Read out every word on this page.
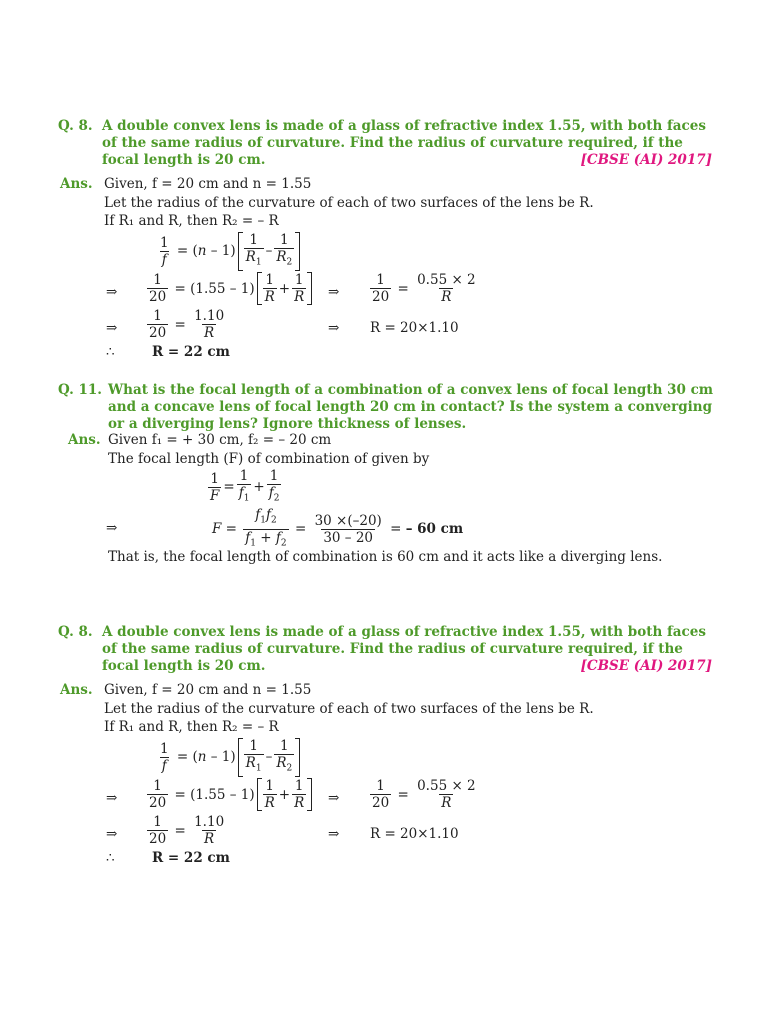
Q. 8. A double convex lens is made of a glass of refractive index 1.55, with both faces of the same radius of curvature. Find the radius of curvature required, if the focal length is 20 cm.	[CBSE (AI) 2017]
Ans. Given, f = 20 cm and n = 1.55
Let the radius of the curvature of each of two surfaces of the lens be R.
If R₁ and R, then R₂ = – R
$\frac{1}{f} = (n - 1) \frac{1}{R_1} - \frac{1}{R_2}$
⇒ $\frac{1}{20} = (1.55 - 1) \frac{1}{R} + \frac{1}{R}$ ⇒ $\frac{1}{20} = \frac{0.55 \times 2}{R}$
⇒ $\frac{1}{20} = \frac{1.10}{R}$	⇒ R = 20×1.10
∴	R = 22 cm
Q. 11. What is the focal length of a combination of a convex lens of focal length 30 cm and a concave lens of focal length 20 cm in contact? Is the system a converging or a diverging lens? Ignore thickness of lenses.
Ans. Given f₁ = + 30 cm, f₂ = – 20 cm
The focal length (F) of combination of given by
$\frac{1}{F} = \frac{1}{f_1} + \frac{1}{f_2}$
⇒	$F = \frac{f_1f_2}{f_1 + f_2} = \frac{30 \times(-20)}{30 - 20}$ = – 60 cm
That is, the focal length of combination is 60 cm and it acts like a diverging lens.
Q. 8. A double convex lens is made of a glass of refractive index 1.55, with both faces of the same radius of curvature. Find the radius of curvature required, if the focal length is 20 cm.	[CBSE (AI) 2017]
Ans. Given, f = 20 cm and n = 1.55
Let the radius of the curvature of each of two surfaces of the lens be R.
If R₁ and R, then R₂ = – R
$\frac{1}{f} = (n - 1) \frac{1}{R_1} - \frac{1}{R_2}$
⇒ $\frac{1}{20} = (1.55 - 1) \frac{1}{R} + \frac{1}{R}$ ⇒ $\frac{1}{20} = \frac{0.55 \times 2}{R}$
⇒ $\frac{1}{20} = \frac{1.10}{R}$	⇒ R = 20×1.10
∴	R = 22 cm
